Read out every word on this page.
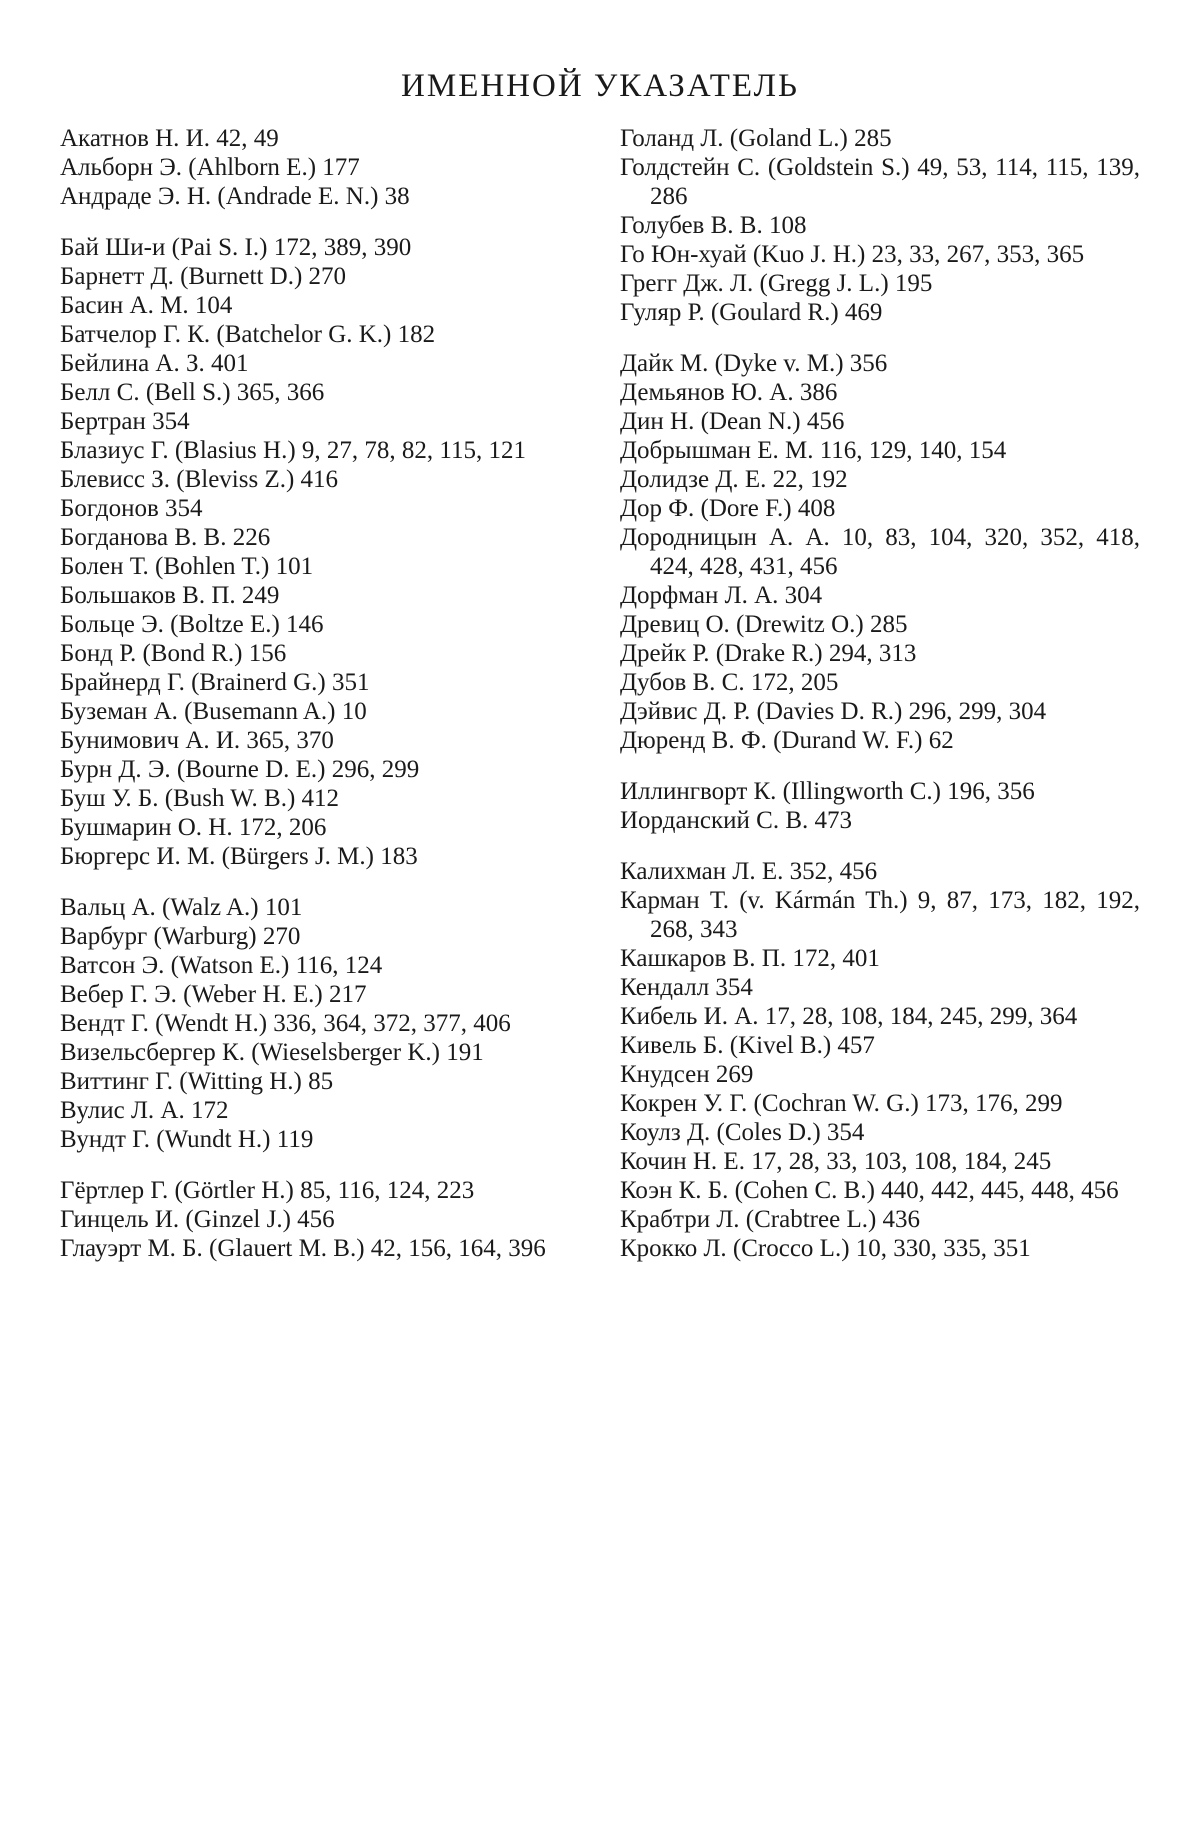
ИМЕННОЙ УКАЗАТЕЛЬ
Акатнов Н. И. 42, 49
Альборн Э. (Ahlborn E.) 177
Андраде Э. Н. (Andrade E. N.) 38
Бай Ши-и (Pai S. I.) 172, 389, 390
Барнетт Д. (Burnett D.) 270
Басин А. М. 104
Батчелор Г. К. (Batchelor G. K.) 182
Бейлина А. З. 401
Белл С. (Bell S.) 365, 366
Бертран 354
Блазиус Г. (Blasius H.) 9, 27, 78, 82, 115, 121
Блевисс З. (Bleviss Z.) 416
Богдонов 354
Богданова В. В. 226
Болен Т. (Bohlen T.) 101
Большаков В. П. 249
Больце Э. (Boltze E.) 146
Бонд Р. (Bond R.) 156
Брайнерд Г. (Brainerd G.) 351
Буземан А. (Busemann A.) 10
Бунимович А. И. 365, 370
Бурн Д. Э. (Bourne D. E.) 296, 299
Буш У. Б. (Bush W. B.) 412
Бушмарин О. Н. 172, 206
Бюргерс И. М. (Bürgers J. M.) 183
Вальц А. (Walz A.) 101
Варбург (Warburg) 270
Ватсон Э. (Watson E.) 116, 124
Вебер Г. Э. (Weber H. E.) 217
Вендт Г. (Wendt H.) 336, 364, 372, 377, 406
Визельсбергер К. (Wieselsberger K.) 191
Виттинг Г. (Witting H.) 85
Вулис Л. А. 172
Вундт Г. (Wundt H.) 119
Гёртлер Г. (Görtler H.) 85, 116, 124, 223
Гинцель И. (Ginzel J.) 456
Глауэрт М. Б. (Glauert M. B.) 42, 156, 164, 396
Голанд Л. (Goland L.) 285
Голдстейн С. (Goldstein S.) 49, 53, 114, 115, 139, 286
Голубев В. В. 108
Го Юн-хуай (Kuo J. H.) 23, 33, 267, 353, 365
Грегг Дж. Л. (Gregg J. L.) 195
Гуляр Р. (Goulard R.) 469
Дайк М. (Dyke v. M.) 356
Демьянов Ю. А. 386
Дин Н. (Dean N.) 456
Добрышман Е. М. 116, 129, 140, 154
Долидзе Д. Е. 22, 192
Дор Ф. (Dore F.) 408
Дородницын А. А. 10, 83, 104, 320, 352, 418, 424, 428, 431, 456
Дорфман Л. А. 304
Древиц О. (Drewitz O.) 285
Дрейк Р. (Drake R.) 294, 313
Дубов В. С. 172, 205
Дэйвис Д. Р. (Davies D. R.) 296, 299, 304
Дюренд В. Ф. (Durand W. F.) 62
Иллингворт К. (Illingworth C.) 196, 356
Иорданский С. В. 473
Калихман Л. Е. 352, 456
Карман Т. (v. Kármán Th.) 9, 87, 173, 182, 192, 268, 343
Кашкаров В. П. 172, 401
Кендалл 354
Кибель И. А. 17, 28, 108, 184, 245, 299, 364
Кивель Б. (Kivel B.) 457
Кнудсен 269
Кокрен У. Г. (Cochran W. G.) 173, 176, 299
Коулз Д. (Coles D.) 354
Кочин Н. Е. 17, 28, 33, 103, 108, 184, 245
Коэн К. Б. (Cohen C. B.) 440, 442, 445, 448, 456
Крабтри Л. (Crabtree L.) 436
Крокко Л. (Crocco L.) 10, 330, 335, 351
